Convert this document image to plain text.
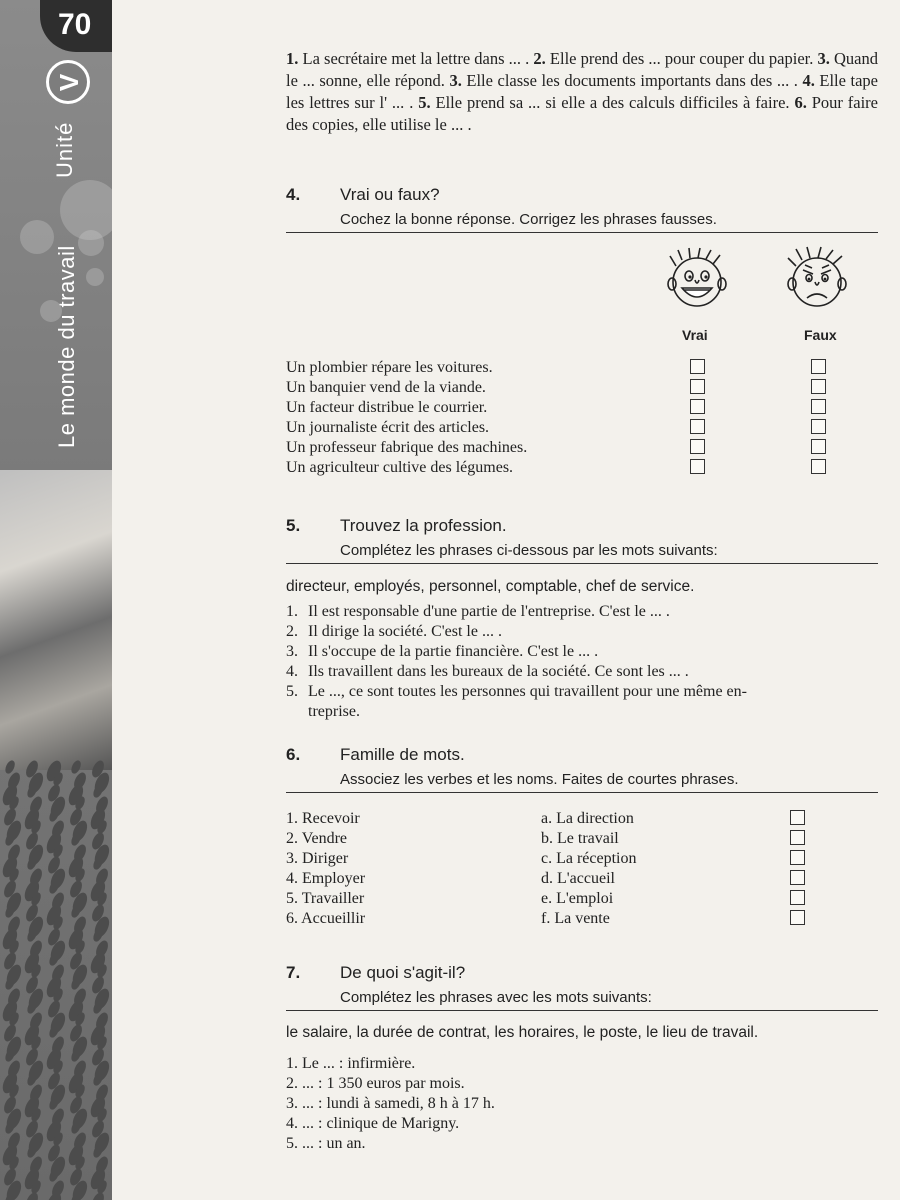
70
V
Unité
Le monde du travail
1. La secrétaire met la lettre dans ... . 2. Elle prend des ... pour couper du papier. 3. Quand le ... sonne, elle répond. 3. Elle classe les documents importants dans des ... . 4. Elle tape les lettres sur l' ... . 5. Elle prend sa ... si elle a des calculs difficiles à faire. 6. Pour faire des copies, elle utilise le ... .
4. Vrai ou faux?
Cochez la bonne réponse. Corrigez les phrases fausses.
Vrai	Faux
Un plombier répare les voitures.
Un banquier vend de la viande.
Un facteur distribue le courrier.
Un journaliste écrit des articles.
Un professeur fabrique des machines.
Un agriculteur cultive des légumes.
5. Trouvez la profession.
Complétez les phrases ci-dessous par les mots suivants:
directeur, employés, personnel, comptable, chef de service.
1. Il est responsable d'une partie de l'entreprise. C'est le ... .
2. Il dirige la société. C'est le ... .
3. Il s'occupe de la partie financière. C'est le ... .
4. Ils travaillent dans les bureaux de la société. Ce sont les ... .
5. Le ..., ce sont toutes les personnes qui travaillent pour une même en-
treprise.
6. Famille de mots.
Associez les verbes et les noms. Faites de courtes phrases.
1. Recevoir
2. Vendre
3. Diriger
4. Employer
5. Travailler
6. Accueillir
a. La direction
b. Le travail
c. La réception
d. L'accueil
e. L'emploi
f. La vente
7. De quoi s'agit-il?
Complétez les phrases avec les mots suivants:
le salaire, la durée de contrat, les horaires, le poste, le lieu de travail.
1. Le ... : infirmière.
2. ... : 1 350 euros par mois.
3. ... : lundi à samedi, 8 h à 17 h.
4. ... : clinique de Marigny.
5. ... : un an.
